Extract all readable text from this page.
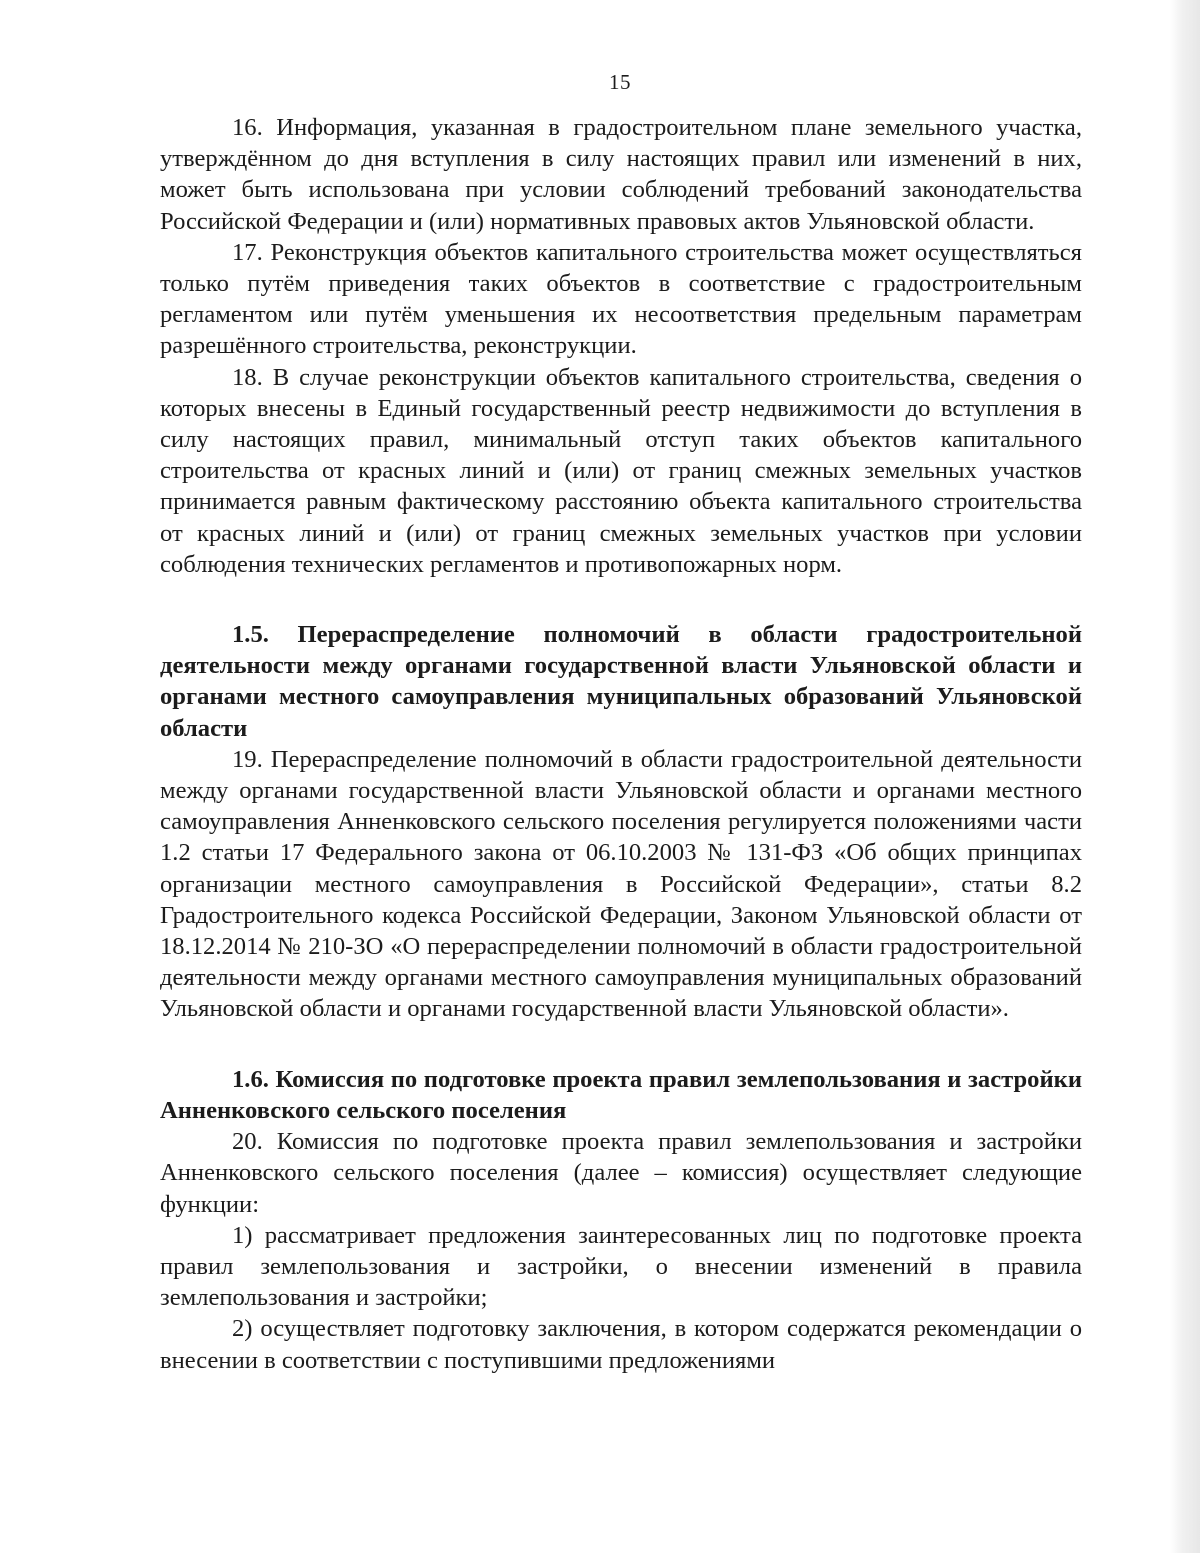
15

16. Информация, указанная в градостроительном плане земельного участка, утверждённом до дня вступления в силу настоящих правил или изменений в них, может быть использована при условии соблюдений требований законодательства Российской Федерации и (или) нормативных правовых актов Ульяновской области.

17. Реконструкция объектов капитального строительства может осуществляться только путём приведения таких объектов в соответствие с градостроительным регламентом или путём уменьшения их несоответствия предельным параметрам разрешённого строительства, реконструкции.

18. В случае реконструкции объектов капитального строительства, сведения о которых внесены в Единый государственный реестр недвижимости до вступления в силу настоящих правил, минимальный отступ таких объектов капитального строительства от красных линий и (или) от границ смежных земельных участков принимается равным фактическому расстоянию объекта капитального строительства от красных линий и (или) от границ смежных земельных участков при условии соблюдения технических регламентов и противопожарных норм.

1.5. Перераспределение полномочий в области градостроительной деятельности между органами государственной власти Ульяновской области и органами местного самоуправления муниципальных образований Ульяновской области

19. Перераспределение полномочий в области градостроительной деятельности между органами государственной власти Ульяновской области и органами местного самоуправления Анненковского сельского поселения регулируется положениями части 1.2 статьи 17 Федерального закона от 06.10.2003 № 131-ФЗ «Об общих принципах организации местного самоуправления в Российской Федерации», статьи 8.2 Градостроительного кодекса Российской Федерации, Законом Ульяновской области от 18.12.2014 № 210-ЗО «О перераспределении полномочий в области градостроительной деятельности между органами местного самоуправления муниципальных образований Ульяновской области и органами государственной власти Ульяновской области».

1.6. Комиссия по подготовке проекта правил землепользования и застройки Анненковского сельского поселения

20. Комиссия по подготовке проекта правил землепользования и застройки Анненковского сельского поселения (далее – комиссия) осуществляет следующие функции:

1) рассматривает предложения заинтересованных лиц по подготовке проекта правил землепользования и застройки, о внесении изменений в правила землепользования и застройки;

2) осуществляет подготовку заключения, в котором содержатся рекомендации о внесении в соответствии с поступившими предложениями
